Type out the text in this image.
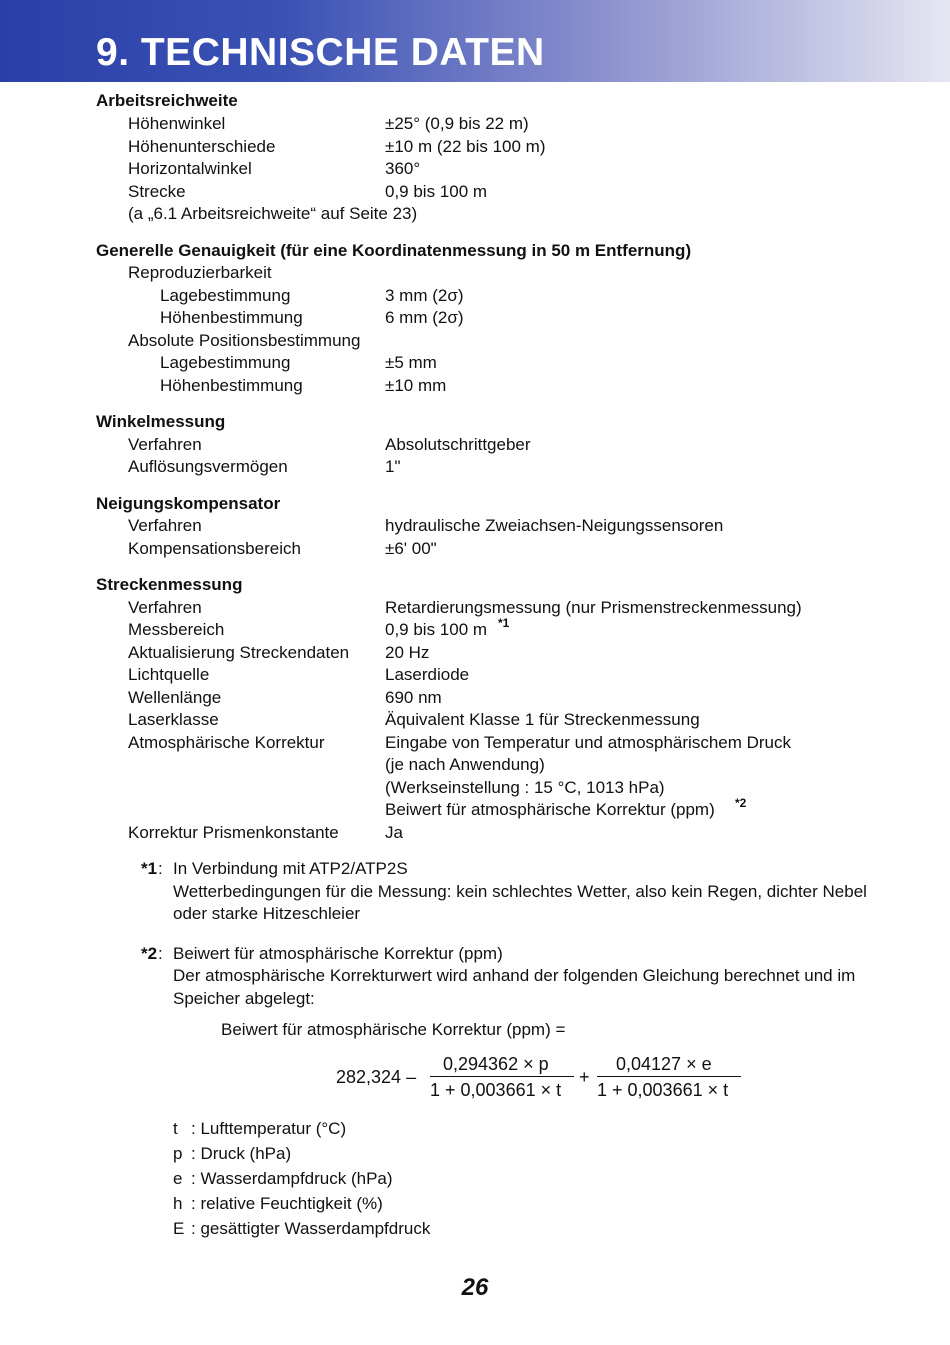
9. TECHNISCHE DATEN
Arbeitsreichweite
Höhenwinkel	±25° (0,9 bis 22 m)
Höhenunterschiede	±10 m (22 bis 100 m)
Horizontalwinkel	360°
Strecke	0,9 bis 100 m
(a „6.1 Arbeitsreichweite“ auf Seite 23)
Generelle Genauigkeit (für eine Koordinatenmessung in 50 m Entfernung)
Reproduzierbarkeit
Lagebestimmung	3 mm (2σ)
Höhenbestimmung	6 mm (2σ)
Absolute Positionsbestimmung
Lagebestimmung	±5 mm
Höhenbestimmung	±10 mm
Winkelmessung
Verfahren	Absolutschrittgeber
Auflösungsvermögen	1"
Neigungskompensator
Verfahren	hydraulische Zweiachsen-Neigungssensoren
Kompensationsbereich	±6' 00"
Streckenmessung
Verfahren	Retardierungsmessung (nur Prismenstreckenmessung)
Messbereich	0,9 bis 100 m *1
Aktualisierung Streckendaten 20 Hz
Lichtquelle	Laserdiode
Wellenlänge	690 nm
Laserklasse	Äquivalent Klasse 1 für Streckenmessung
Atmosphärische Korrektur	Eingabe von Temperatur und atmosphärischem Druck
(je nach Anwendung)
(Werkseinstellung : 15 °C, 1013 hPa)
Beiwert für atmosphärische Korrektur (ppm) *2
Korrektur Prismenkonstante	Ja
*1 : In Verbindung mit ATP2/ATP2S
Wetterbedingungen für die Messung: kein schlechtes Wetter, also kein Regen, dichter Nebel
oder starke Hitzeschleier
*2 : Beiwert für atmosphärische Korrektur (ppm)
Der atmosphärische Korrekturwert wird anhand der folgenden Gleichung berechnet und im
Speicher abgelegt:
Beiwert für atmosphärische Korrektur (ppm) =
282,324 –
0,294362 × p
1 + 0,003661 × t
+
0,04127 × e
1 + 0,003661 × t
t : Lufttemperatur (°C)
p : Druck (hPa)
e : Wasserdampfdruck (hPa)
h : relative Feuchtigkeit (%)
E : gesättigter Wasserdampfdruck
26
